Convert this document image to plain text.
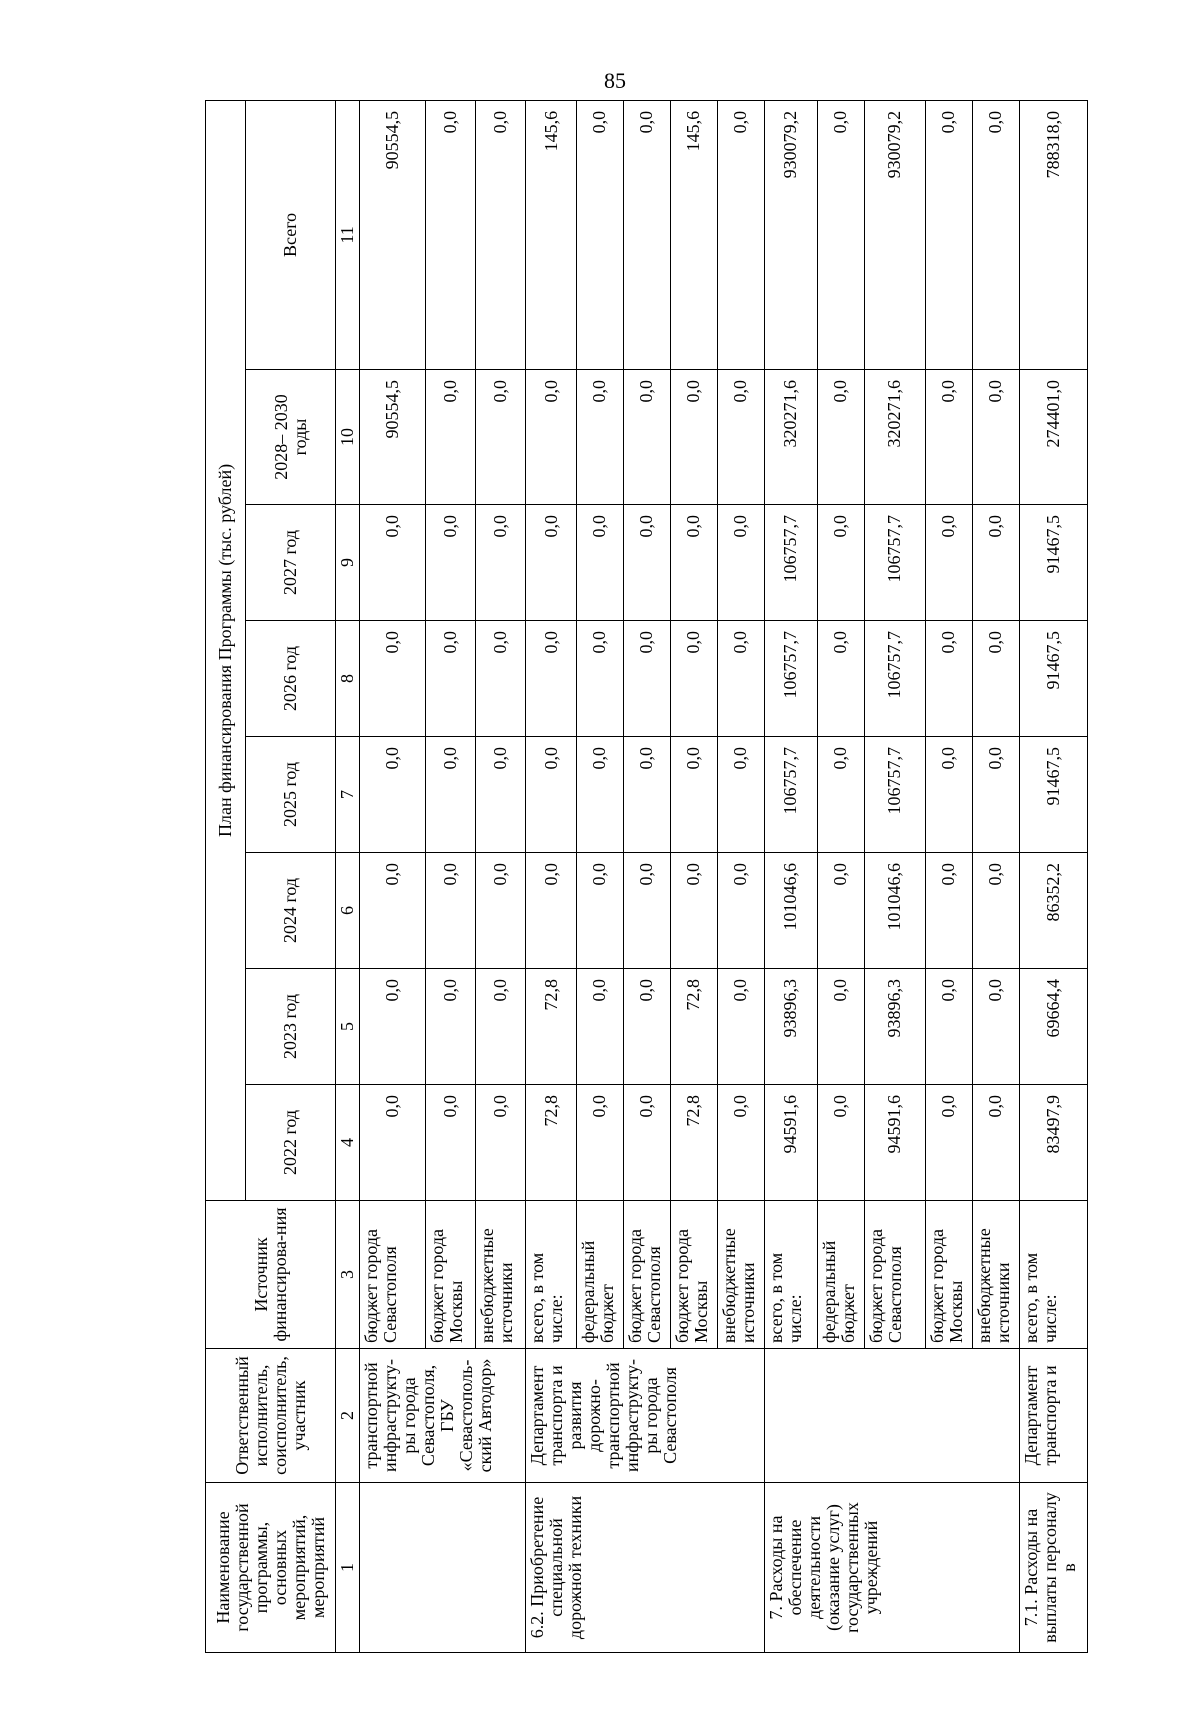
85
Наименование государственной программы, основных мероприятий, мероприятий	Ответственный исполнитель, соисполнитель, участник	Источник финансирова-ния	План финансирования Программы (тыс. рублей)							
			2022 год	2023 год	2024 год	2025 год	2026 год	2027 год	2028– 2030 годы	Всего
1	2	3	4	5	6	7	8	9	10	11
	транспортной инфраструкту-ры города Севастополя, ГБУ «Севастополь-ский Автодор»	бюджет города Севастополя	0,0	0,0	0,0	0,0	0,0	0,0	90554,5	90554,5
		бюджет города Москвы	0,0	0,0	0,0	0,0	0,0	0,0	0,0	0,0
		внебюджетные источники	0,0	0,0	0,0	0,0	0,0	0,0	0,0	0,0
6.2. Приобретение специальной дорожной техники	Департамент транспорта и развития дорожно-транспортной инфраструкту-ры города Севастополя	всего, в том числе:	72,8	72,8	0,0	0,0	0,0	0,0	0,0	145,6
		федеральный бюджет	0,0	0,0	0,0	0,0	0,0	0,0	0,0	0,0
		бюджет города Севастополя	0,0	0,0	0,0	0,0	0,0	0,0	0,0	0,0
		бюджет города Москвы	72,8	72,8	0,0	0,0	0,0	0,0	0,0	145,6
		внебюджетные источники	0,0	0,0	0,0	0,0	0,0	0,0	0,0	0,0
7. Расходы на обеспечение деятельности (оказание услуг) государственных учреждений		всего, в том числе:	94591,6	93896,3	101046,6	106757,7	106757,7	106757,7	320271,6	930079,2
		федеральный бюджет	0,0	0,0	0,0	0,0	0,0	0,0	0,0	0,0
		бюджет города Севастополя	94591,6	93896,3	101046,6	106757,7	106757,7	106757,7	320271,6	930079,2
		бюджет города Москвы	0,0	0,0	0,0	0,0	0,0	0,0	0,0	0,0
		внебюджетные источники	0,0	0,0	0,0	0,0	0,0	0,0	0,0	0,0
7.1. Расходы на выплаты персоналу в	Департамент транспорта и	всего, в том числе:	83497,9	69664,4	86352,2	91467,5	91467,5	91467,5	274401,0	788318,0
